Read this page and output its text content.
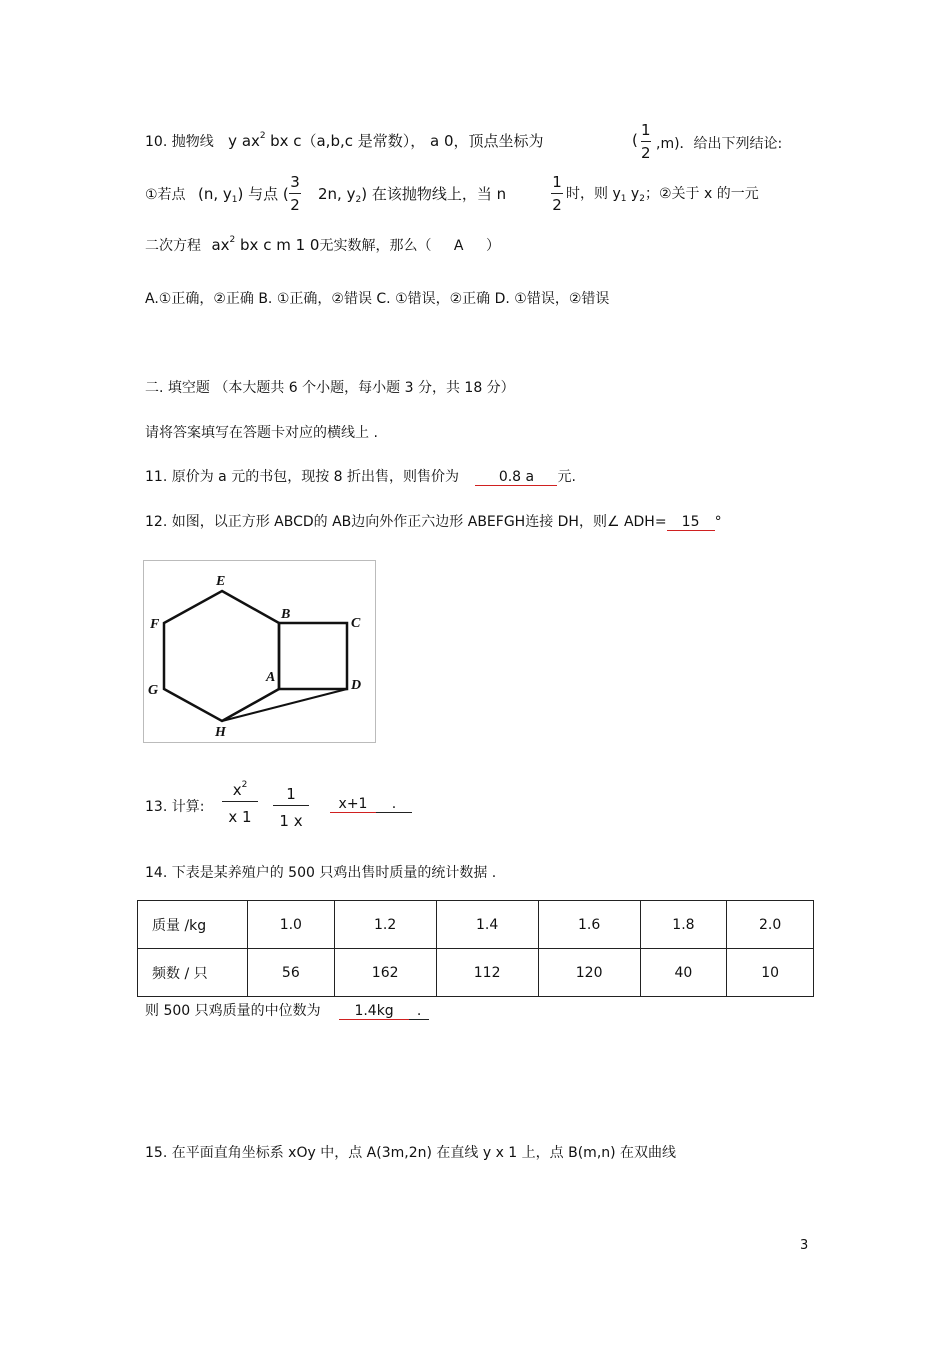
10. 抛物线 y $ax^2$ bx c（a,b,c 是常数）， a 0，顶点坐标为	(
1
2 ,m)．给出下列结论:
①若点 (n, $y_1$) 与点 (
3
2
2n, $y_2$) 在该抛物线上，当 n
1
2
时，则 $y_1$ $y_2$；②关于 x 的一元
二次方程 $ax^2$ bx c m 1 0无实数解，那么（ A ）
A.①正确，②正确 B. ①正确，②错误 C. ①错误，②正确 D. ①错误，②错误
二. 填空题 （本大题共 6 个小题，每小题 3 分，共 18 分）
请将答案填写在答题卡对应的横线上 .
11. 原价为 a 元的书包，现按 8 折出售，则售价为	0.8 a 元.
12. 如图，以正方形 ABCD的 AB边向外作正六边形 ABEFGH连接 DH，则∠ ADH= 15 °
E
B
C
F
A
D
G
H
13. 计算:
$x^2$
x 1
1
1 x
x+1 .
14. 下表是某养殖户的 500 只鸡出售时质量的统计数据 .
质量 /kg	1.0	1.2	1.4	1.6	1.8	2.0
频数 / 只	56	162	112	120	40	10
则 500 只鸡质量的中位数为 1.4kg .
15. 在平面直角坐标系 xOy 中，点 A(3m,2n) 在直线 y x 1 上，点 B(m,n) 在双曲线
3
